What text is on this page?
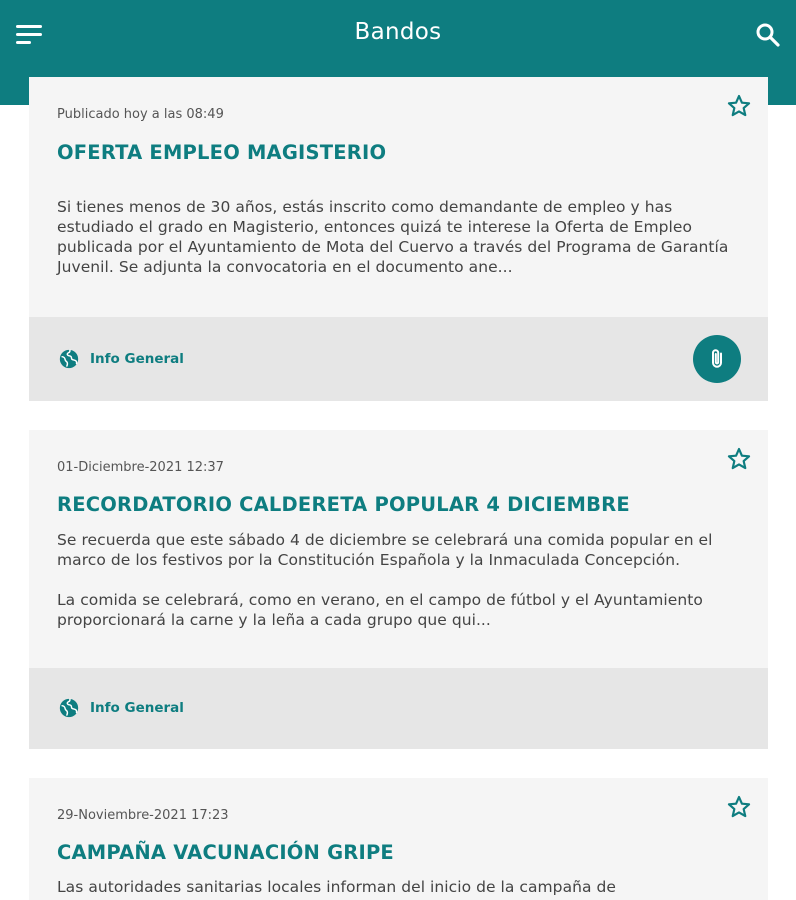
Bandos
Publicado hoy a las 08:49
OFERTA EMPLEO MAGISTERIO

Si tienes menos de 30 años, estás inscrito como demandante de empleo y has estudiado el grado en Magisterio, entonces quizá te interese la Oferta de Empleo publicada por el Ayuntamiento de Mota del Cuervo a través del Programa de Garantía Juvenil. Se adjunta la convocatoria en el documento ane...

Info General
01-Diciembre-2021 12:37
RECORDATORIO CALDERETA POPULAR 4 DICIEMBRE

Se recuerda que este sábado 4 de diciembre se celebrará una comida popular en el marco de los festivos por la Constitución Española y la Inmaculada Concepción.

La comida se celebrará, como en verano, en el campo de fútbol y el Ayuntamiento proporcionará la carne y la leña a cada grupo que qui...

Info General
29-Noviembre-2021 17:23
CAMPAÑA VACUNACIÓN GRIPE

Las autoridades sanitarias locales informan del inicio de la campaña de
